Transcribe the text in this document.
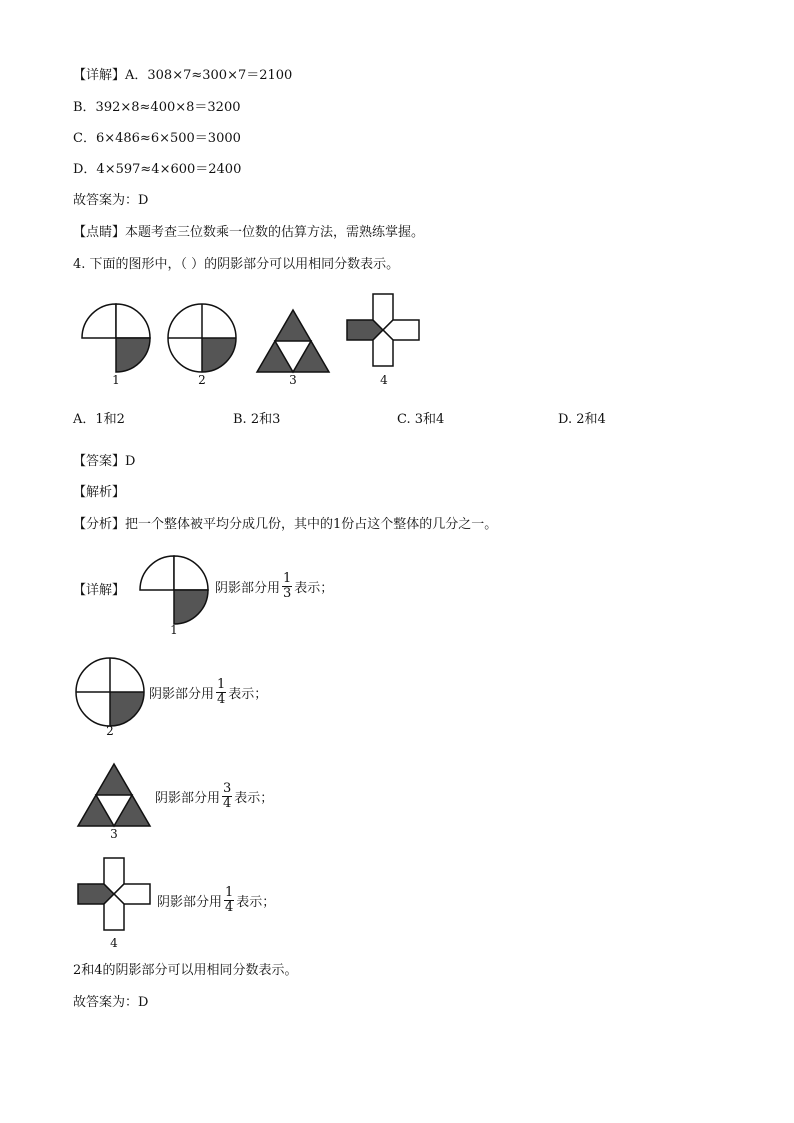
【详解】A．308×7≈300×7＝2100
B．392×8≈400×8＝3200
C．6×486≈6×500＝3000
D．4×597≈4×600＝2400
故答案为：D
【点睛】本题考查三位数乘一位数的估算方法，需熟练掌握。
4. 下面的图形中，（ ）的阴影部分可以用相同分数表示。
1	2	3	4
A．1和2	B. 2和3	C. 3和4	D. 2和4
【答案】D
【解析】
【分析】把一个整体被平均分成几份，其中的1份占这个整体的几分之一。
【详解】
1
阴影部分用 $\frac{1}{3}$ 表示；
2
阴影部分用 $\frac{1}{4}$ 表示；
3
阴影部分用 $\frac{3}{4}$ 表示；
4
阴影部分用 $\frac{1}{4}$ 表示；
2和4的阴影部分可以用相同分数表示。
故答案为：D
